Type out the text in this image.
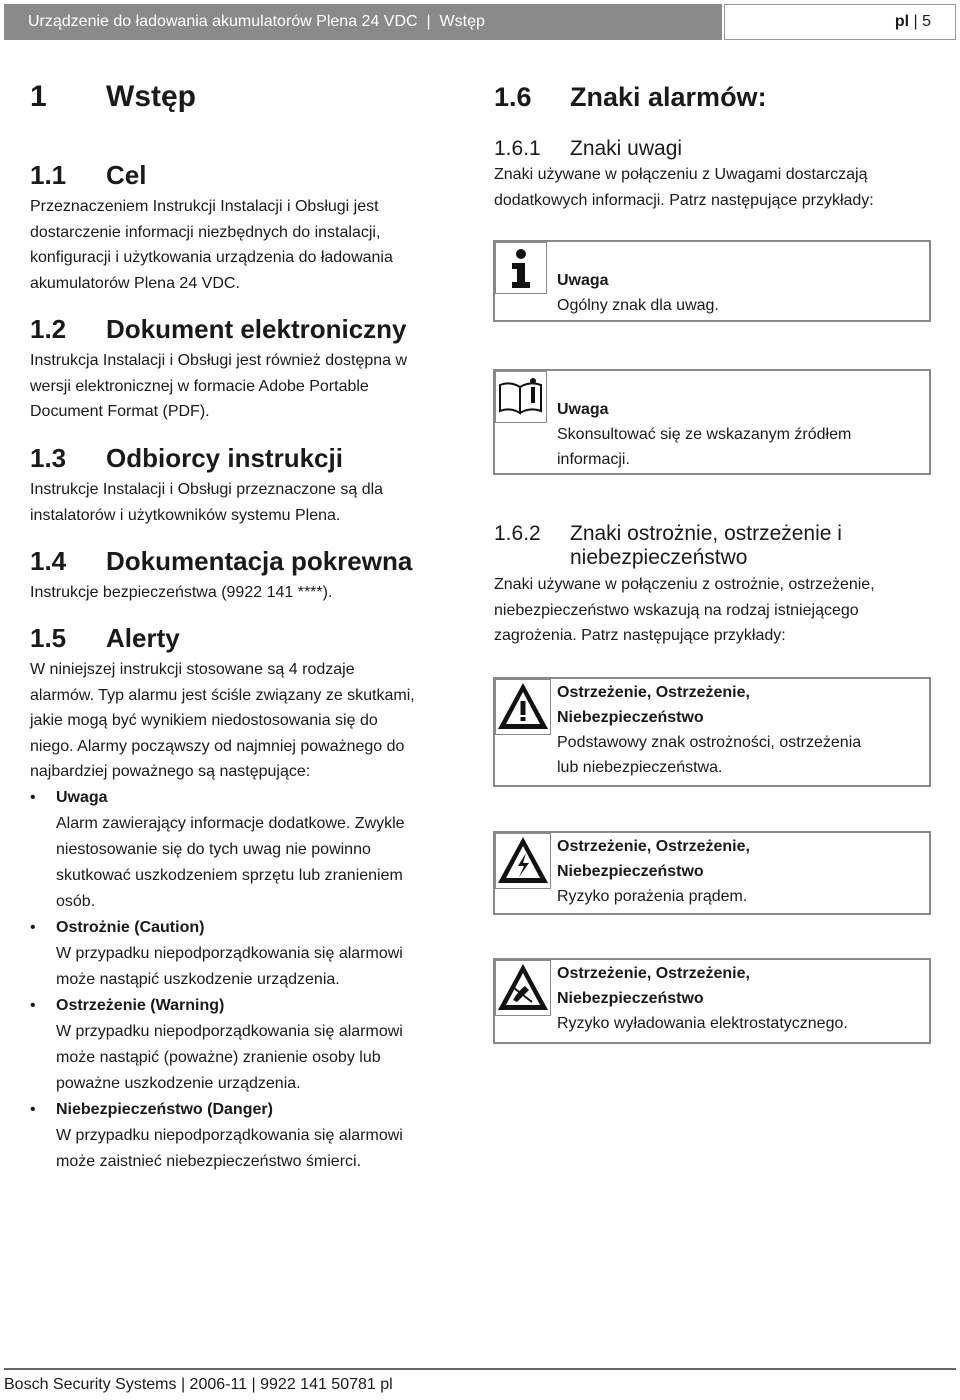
Urządzenie do ładowania akumulatorów Plena 24 VDC  |  Wstęp	pl | 5
1 Wstęp
1.1 Cel

Przeznaczeniem Instrukcji Instalacji i Obsługi jest

dostarczenie informacji niezbędnych do instalacji,

konfiguracji i użytkowania urządzenia do ładowania

akumulatorów Plena 24 VDC.

1.2 Dokument elektroniczny

Instrukcja Instalacji i Obsługi jest również dostępna w

wersji elektronicznej w formacie Adobe Portable

Document Format (PDF).

1.3 Odbiorcy instrukcji

Instrukcje Instalacji i Obsługi przeznaczone są dla

instalatorów i użytkowników systemu Plena.

1.4 Dokumentacja pokrewna

Instrukcje bezpieczeństwa (9922 141 ****).

1.5 Alerty

W niniejszej instrukcji stosowane są 4 rodzaje

alarmów. Typ alarmu jest ściśle związany ze skutkami,

jakie mogą być wynikiem niedostosowania się do

niego. Alarmy począwszy od najmniej poważnego do

najbardziej poważnego są następujące:

• Uwaga
Alarm zawierający informacje dodatkowe. Zwykle
niestosowanie się do tych uwag nie powinno
skutkować uszkodzeniem sprzętu lub zranieniem
osób.
• Ostrożnie (Caution)
W przypadku niepodporządkowania się alarmowi
może nastąpić uszkodzenie urządzenia.
• Ostrzeżenie (Warning)
W przypadku niepodporządkowania się alarmowi
może nastąpić (poważne) zranienie osoby lub
poważne uszkodzenie urządzenia.
• Niebezpieczeństwo (Danger)
W przypadku niepodporządkowania się alarmowi
może zaistnieć niebezpieczeństwo śmierci.
1.6 Znaki alarmów:
1.6.1 Znaki uwagi

Znaki używane w połączeniu z Uwagami dostarczają

dodatkowych informacji. Patrz następujące przykłady:

Uwaga
Ogólny znak dla uwag.
Uwaga
Skonsultować się ze wskazanym źródłem
informacji.
1.6.2 Znaki ostrożnie, ostrzeżenie i
niebezpieczeństwo

Znaki używane w połączeniu z ostrożnie, ostrzeżenie,

niebezpieczeństwo wskazują na rodzaj istniejącego

zagrożenia. Patrz następujące przykłady:

Ostrzeżenie, Ostrzeżenie,
Niebezpieczeństwo
Podstawowy znak ostrożności, ostrzeżenia
lub niebezpieczeństwa.
Ostrzeżenie, Ostrzeżenie,
Niebezpieczeństwo
Ryzyko porażenia prądem.
Ostrzeżenie, Ostrzeżenie,
Niebezpieczeństwo
Ryzyko wyładowania elektrostatycznego.
Bosch Security Systems | 2006-11 | 9922 141 50781 pl
